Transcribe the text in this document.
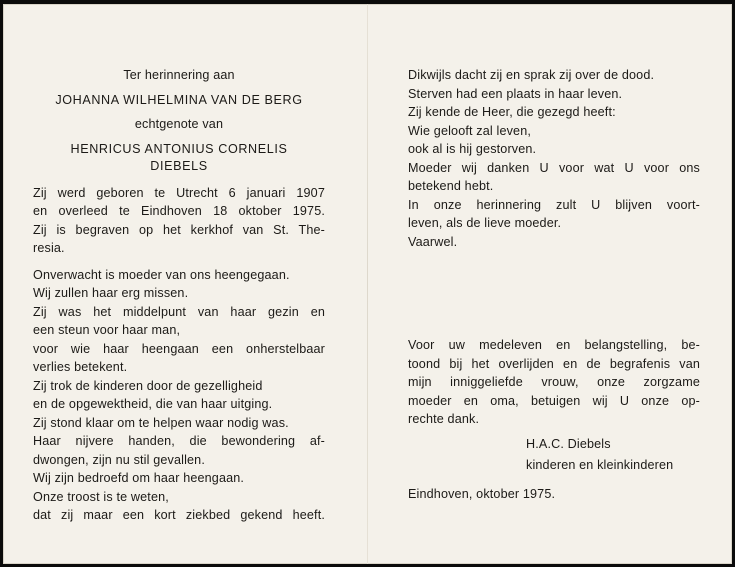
Ter herinnering aan
JOHANNA WILHELMINA VAN DE BERG
echtgenote van
HENRICUS ANTONIUS CORNELIS
DIEBELS
Zij werd geboren te Utrecht 6 januari 1907
en overleed te Eindhoven 18 oktober 1975.
Zij is begraven op het kerkhof van St. The-
resia.
Onverwacht is moeder van ons heengegaan.
Wij zullen haar erg missen.
Zij was het middelpunt van haar gezin en
een steun voor haar man,
voor wie haar heengaan een onherstelbaar
verlies betekent.
Zij trok de kinderen door de gezelligheid
en de opgewektheid, die van haar uitging.
Zij stond klaar om te helpen waar nodig was.
Haar nijvere handen, die bewondering af-
dwongen, zijn nu stil gevallen.
Wij zijn bedroefd om haar heengaan.
Onze troost is te weten,
dat zij maar een kort ziekbed gekend heeft.
Dikwijls dacht zij en sprak zij over de dood.
Sterven had een plaats in haar leven.
Zij kende de Heer, die gezegd heeft:
Wie gelooft zal leven,
ook al is hij gestorven.
Moeder wij danken U voor wat U voor ons
betekend hebt.
In onze herinnering zult U blijven voort-
leven, als de lieve moeder.
Vaarwel.
Voor uw medeleven en belangstelling, be-
toond bij het overlijden en de begrafenis van
mijn inniggeliefde vrouw, onze zorgzame
moeder en oma, betuigen wij U onze op-
rechte dank.
H.A.C. Diebels
kinderen en kleinkinderen
Eindhoven, oktober 1975.
